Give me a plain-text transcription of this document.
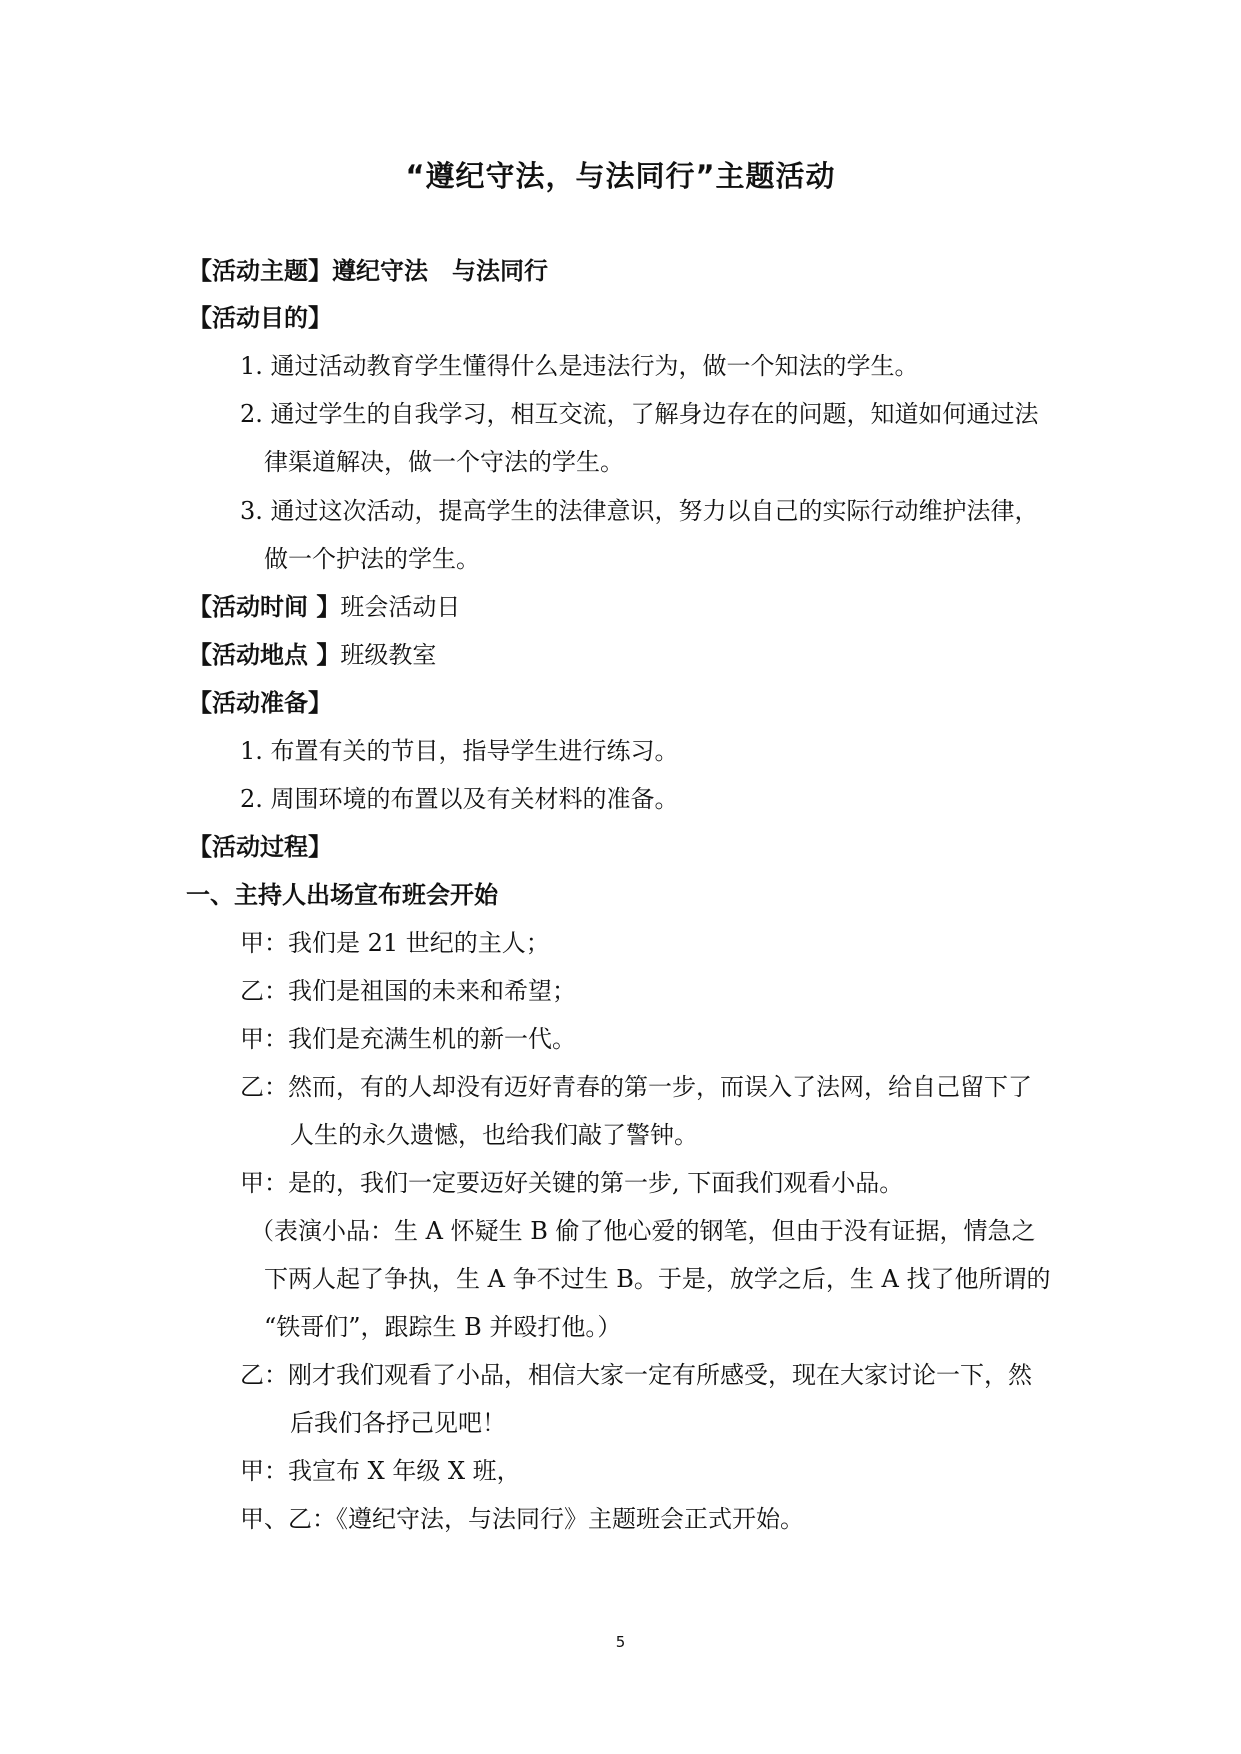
“遵纪守法，与法同行”主题活动
【活动主题】遵纪守法　与法同行
【活动目的】
1. 通过活动教育学生懂得什么是违法行为，做一个知法的学生。
2. 通过学生的自我学习，相互交流，了解身边存在的问题，知道如何通过法
律渠道解决，做一个守法的学生。
3. 通过这次活动，提高学生的法律意识，努力以自己的实际行动维护法律，
做一个护法的学生。
【活动时间 】班会活动日
【活动地点 】班级教室
【活动准备】
1. 布置有关的节目，指导学生进行练习。
2. 周围环境的布置以及有关材料的准备。
【活动过程】
一、主持人出场宣布班会开始
甲：我们是 21 世纪的主人；
乙：我们是祖国的未来和希望；
甲：我们是充满生机的新一代。
乙：然而，有的人却没有迈好青春的第一步，而误入了法网，给自己留下了
人生的永久遗憾，也给我们敲了警钟。
甲：是的，我们一定要迈好关键的第一步, 下面我们观看小品。
（表演小品：生 A 怀疑生 B 偷了他心爱的钢笔，但由于没有证据，情急之
下两人起了争执，生 A 争不过生 B。于是，放学之后，生 A 找了他所谓的
“铁哥们”，跟踪生 B 并殴打他。）
乙：刚才我们观看了小品，相信大家一定有所感受，现在大家讨论一下，然
后我们各抒己见吧！
甲：我宣布 X 年级 X 班，
甲、乙：《遵纪守法，与法同行》主题班会正式开始。
5
